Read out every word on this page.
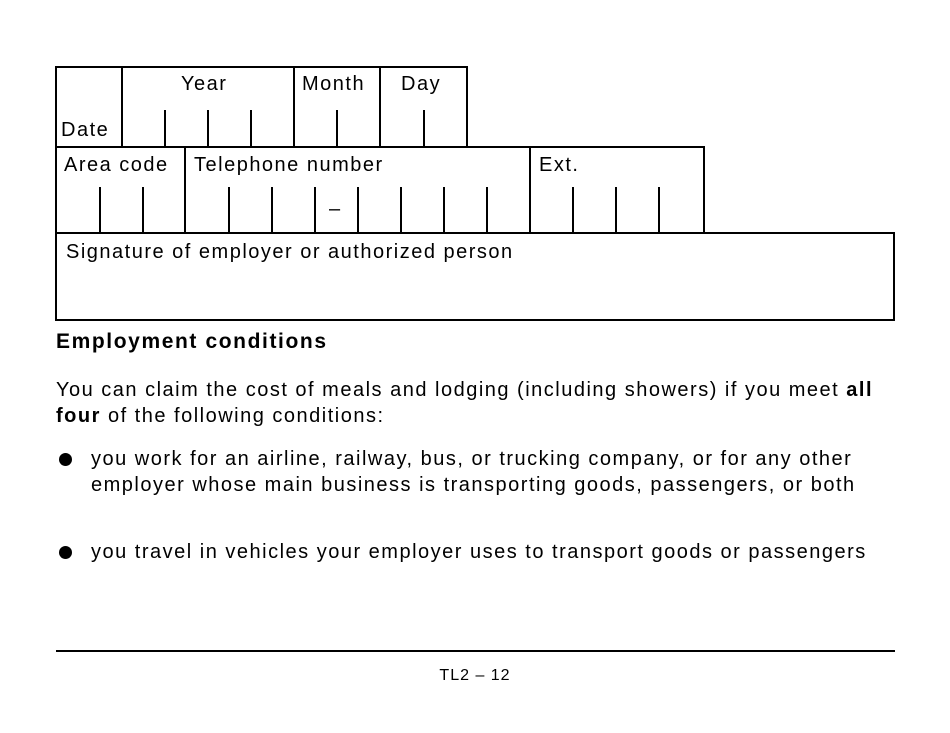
Date
Year	Month Day
Area code Telephone number	Ext.
–
Signature of employer or authorized person
Employment conditions
You can claim the cost of meals and lodging (including showers) if you meet all four of the following conditions:
you work for an airline, railway, bus, or trucking company, or for any other employer whose main business is transporting goods, passengers, or both
you travel in vehicles your employer uses to transport goods or passengers
TL2 – 12
